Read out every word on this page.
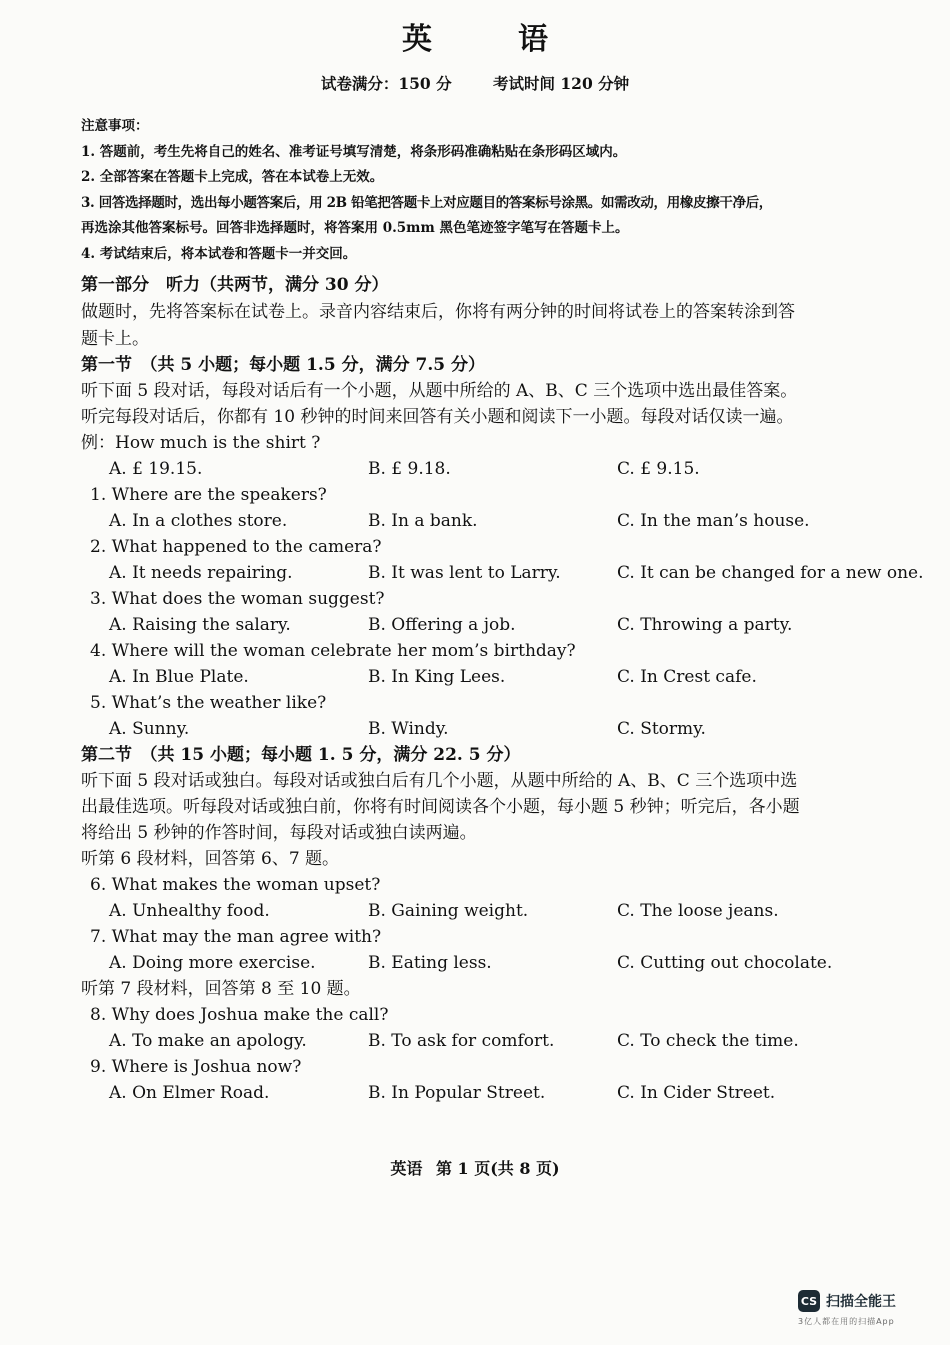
英　语
试卷满分：150 分	考试时间 120 分钟
注意事项：
1. 答题前，考生先将自己的姓名、准考证号填写清楚，将条形码准确粘贴在条形码区域内。
2. 全部答案在答题卡上完成，答在本试卷上无效。
3. 回答选择题时，选出每小题答案后，用 2B 铅笔把答题卡上对应题目的答案标号涂黑。如需改动，用橡皮擦干净后，
再选涂其他答案标号。回答非选择题时，将答案用 0.5mm 黑色笔迹签字笔写在答题卡上。
4. 考试结束后，将本试卷和答题卡一并交回。
第一部分　听力（共两节，满分 30 分）
做题时，先将答案标在试卷上。录音内容结束后，你将有两分钟的时间将试卷上的答案转涂到答
题卡上。
第一节　（共 5 小题；每小题 1.5 分，满分 7.5 分）
听下面 5 段对话，每段对话后有一个小题，从题中所给的 A、B、C 三个选项中选出最佳答案。
听完每段对话后，你都有 10 秒钟的时间来回答有关小题和阅读下一小题。每段对话仅读一遍。
例：How much is the shirt ?
A. £ 19.15.	B. £ 9.18.	C. £ 9.15.
1. Where are the speakers?
A. In a clothes store.	B. In a bank.	C. In the man’s house.
2. What happened to the camera?
A. It needs repairing.	B. It was lent to Larry.	C. It can be changed for a new one.
3. What does the woman suggest?
A. Raising the salary.	B. Offering a job.	C. Throwing a party.
4. Where will the woman celebrate her mom’s birthday?
A. In Blue Plate.	B. In King Lees.	C. In Crest cafe.
5. What’s the weather like?
A. Sunny.	B. Windy.	C. Stormy.
第二节　（共 15 小题；每小题 1. 5 分，满分 22. 5 分）
听下面 5 段对话或独白。每段对话或独白后有几个小题，从题中所给的 A、B、C 三个选项中选
出最佳选项。听每段对话或独白前，你将有时间阅读各个小题，每小题 5 秒钟；听完后，各小题
将给出 5 秒钟的作答时间，每段对话或独白读两遍。
听第 6 段材料，回答第 6、7 题。
6. What makes the woman upset?
A. Unhealthy food.	B. Gaining weight.	C. The loose jeans.
7. What may the man agree with?
A. Doing more exercise.	B. Eating less.	C. Cutting out chocolate.
听第 7 段材料，回答第 8 至 10 题。
8. Why does Joshua make the call?
A. To make an apology.	B. To ask for comfort.	C. To check the time.
9. Where is Joshua now?
A. On Elmer Road.	B. In Popular Street.	C. In Cider Street.
英语 第 1 页(共 8 页)
CS 扫描全能王
3亿人都在用的扫描App
